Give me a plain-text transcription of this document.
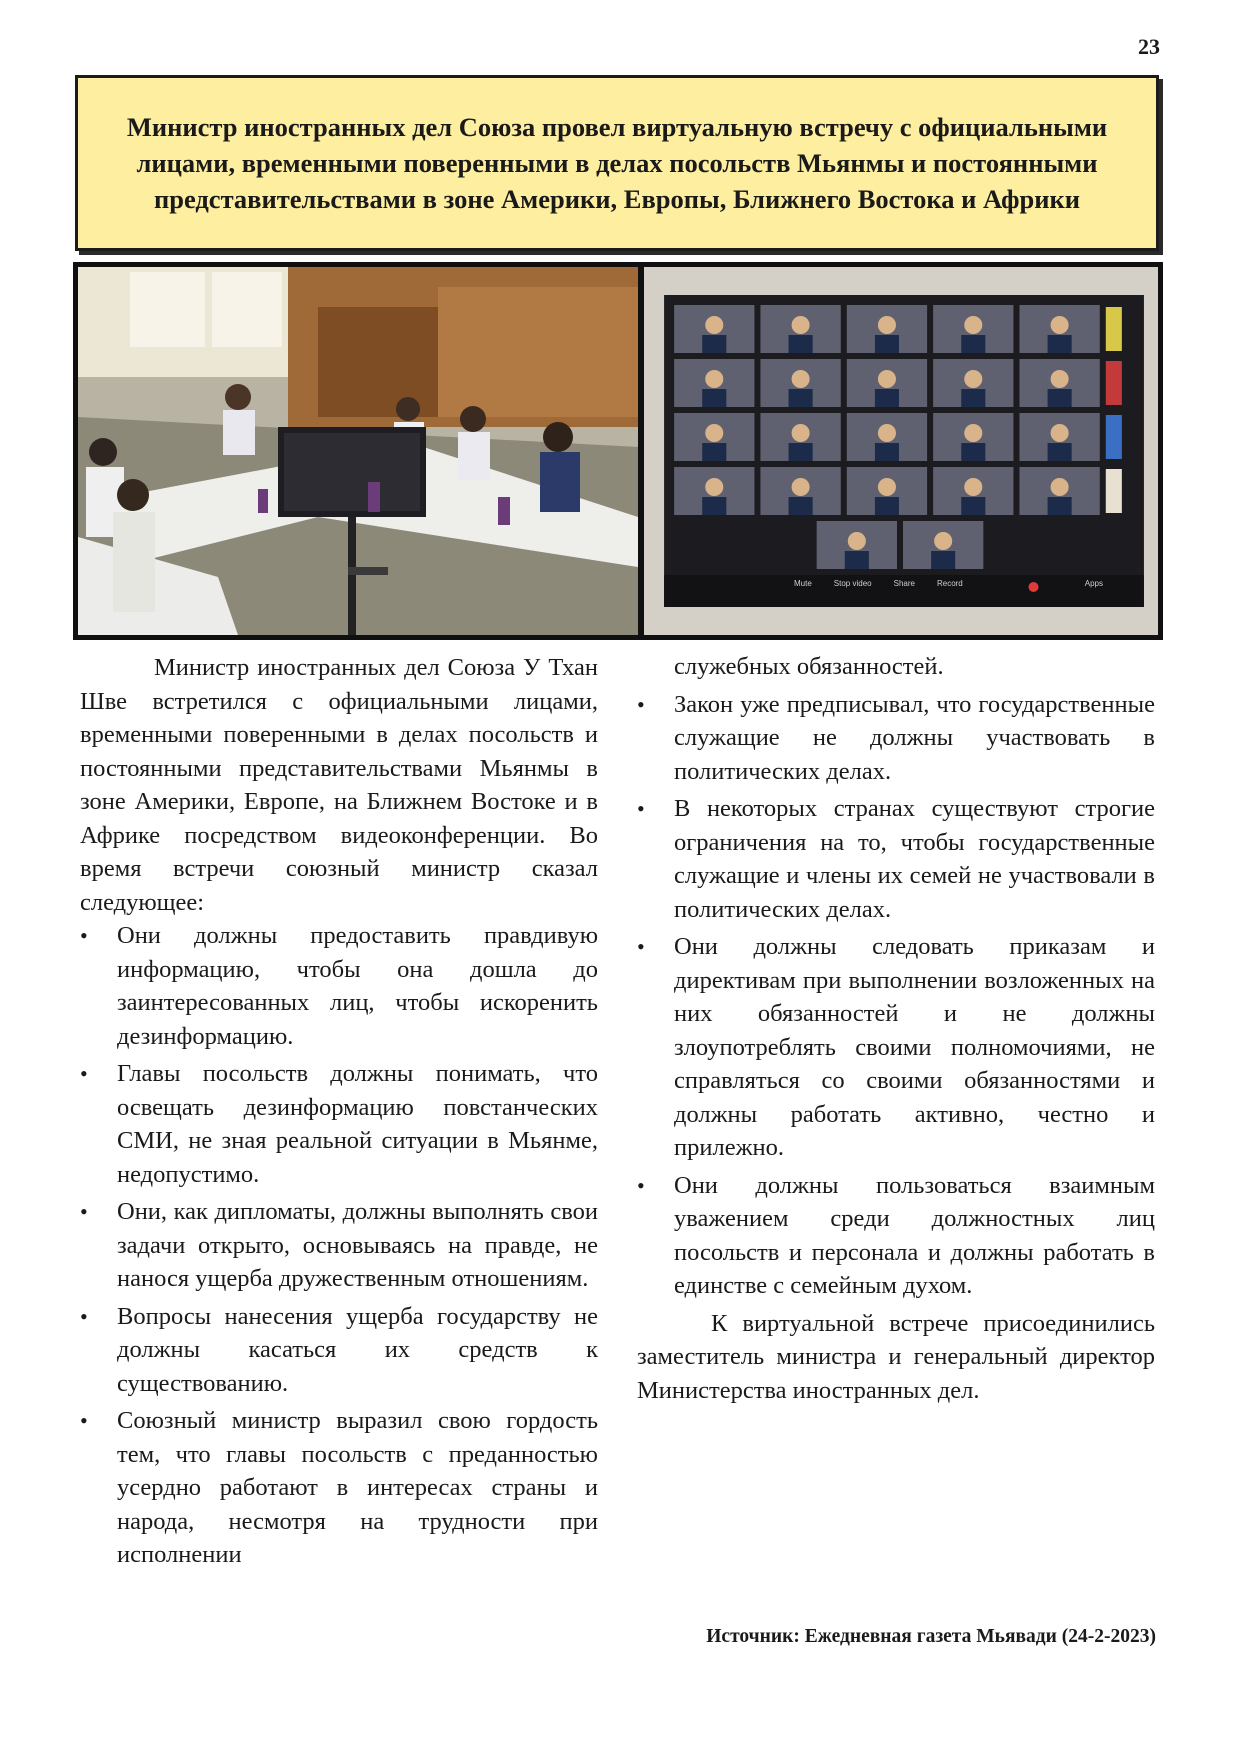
23
Министр иностранных дел Союза провел виртуальную встречу с официальными лицами, временными поверенными в делах посольств Мьянмы и постоянными представительствами в зоне Америки, Европы, Ближнего Востока и Африки
Mute	Stop video	Share	Record	Apps

Министр иностранных дел Союза У Тхан Шве встретился с официальными лицами, временными поверенными в делах посольств и постоянными представительствами Мьянмы в зоне Америки, Европе, на Ближнем Востоке и в Африке посредством видеоконференции. Во время встречи союзный министр сказал следующее:

• Они должны предоставить правдивую информацию, чтобы она дошла до заинтересованных лиц, чтобы искоренить дезинформацию.
• Главы посольств должны понимать, что освещать дезинформацию повстанческих СМИ, не зная реальной ситуации в Мьянме, недопустимо.
• Они, как дипломаты, должны выполнять свои задачи открыто, основываясь на правде, не нанося ущерба дружественным отношениям.
• Вопросы нанесения ущерба государству не должны касаться их средств к существованию.
• Союзный министр выразил свою гордость тем, что главы посольств с преданностью усердно работают в интересах страны и народа, несмотря на трудности при исполнении

служебных обязанностей.

• Закон уже предписывал, что государственные служащие не должны участвовать в политических делах.
• В некоторых странах существуют строгие ограничения на то, чтобы государственные служащие и члены их семей не участвовали в политических делах.
• Они должны следовать приказам и директивам при выполнении возложенных на них обязанностей и не должны злоупотреблять своими полномочиями, не справляться со своими обязанностями и должны работать активно, честно и прилежно.
• Они должны пользоваться взаимным уважением среди должностных лиц посольств и персонала и должны работать в единстве с семейным духом.

К виртуальной встрече присоединились заместитель министра и генеральный директор Министерства иностранных дел.

Источник: Ежедневная газета Мьявади (24-2-2023)
